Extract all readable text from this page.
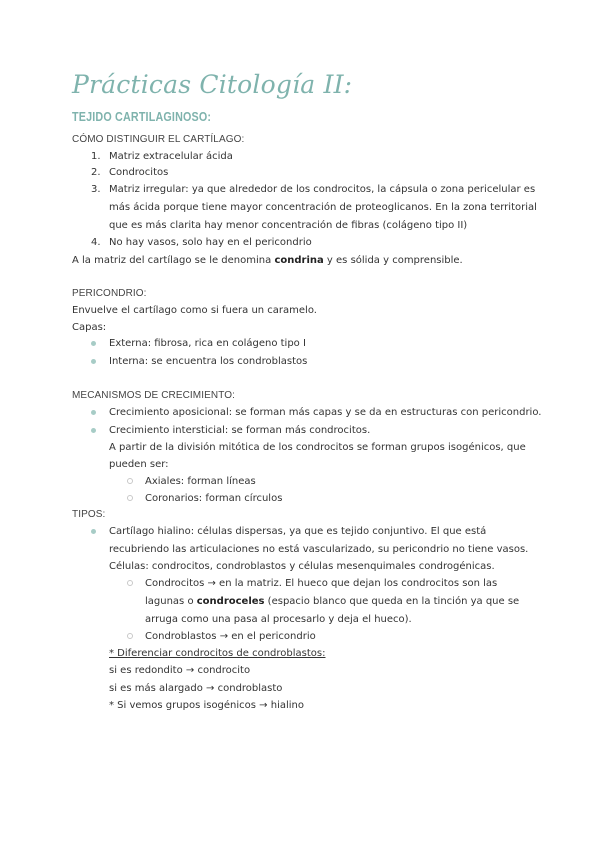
Prácticas Citología II:
TEJIDO CARTILAGINOSO:
CÓMO DISTINGUIR EL CARTÍLAGO:
1. Matriz extracelular ácida
2. Condrocitos
3. Matriz irregular: ya que alrededor de los condrocitos, la cápsula o zona pericelular es
más ácida porque tiene mayor concentración de proteoglicanos. En la zona territorial
que es más clarita hay menor concentración de fibras (colágeno tipo II)
4. No hay vasos, solo hay en el pericondrio
A la matriz del cartílago se le denomina condrina y es sólida y comprensible.
PERICONDRIO:
Envuelve el cartílago como si fuera un caramelo.
Capas:
Externa: fibrosa, rica en colágeno tipo I
Interna: se encuentra los condroblastos
MECANISMOS DE CRECIMIENTO:
Crecimiento aposicional: se forman más capas y se da en estructuras con pericondrio.
Crecimiento intersticial: se forman más condrocitos.
A partir de la división mitótica de los condrocitos se forman grupos isogénicos, que
pueden ser:
Axiales: forman líneas
Coronarios: forman círculos
TIPOS:
Cartílago hialino: células dispersas, ya que es tejido conjuntivo. El que está
recubriendo las articulaciones no está vascularizado, su pericondrio no tiene vasos.
Células: condrocitos, condroblastos y células mesenquimales condrogénicas.
Condrocitos → en la matriz. El hueco que dejan los condrocitos son las
lagunas o condroceles (espacio blanco que queda en la tinción ya que se
arruga como una pasa al procesarlo y deja el hueco).
Condroblastos → en el pericondrio
* Diferenciar condrocitos de condroblastos:
si es redondito → condrocito
si es más alargado → condroblasto
* Si vemos grupos isogénicos → hialino
